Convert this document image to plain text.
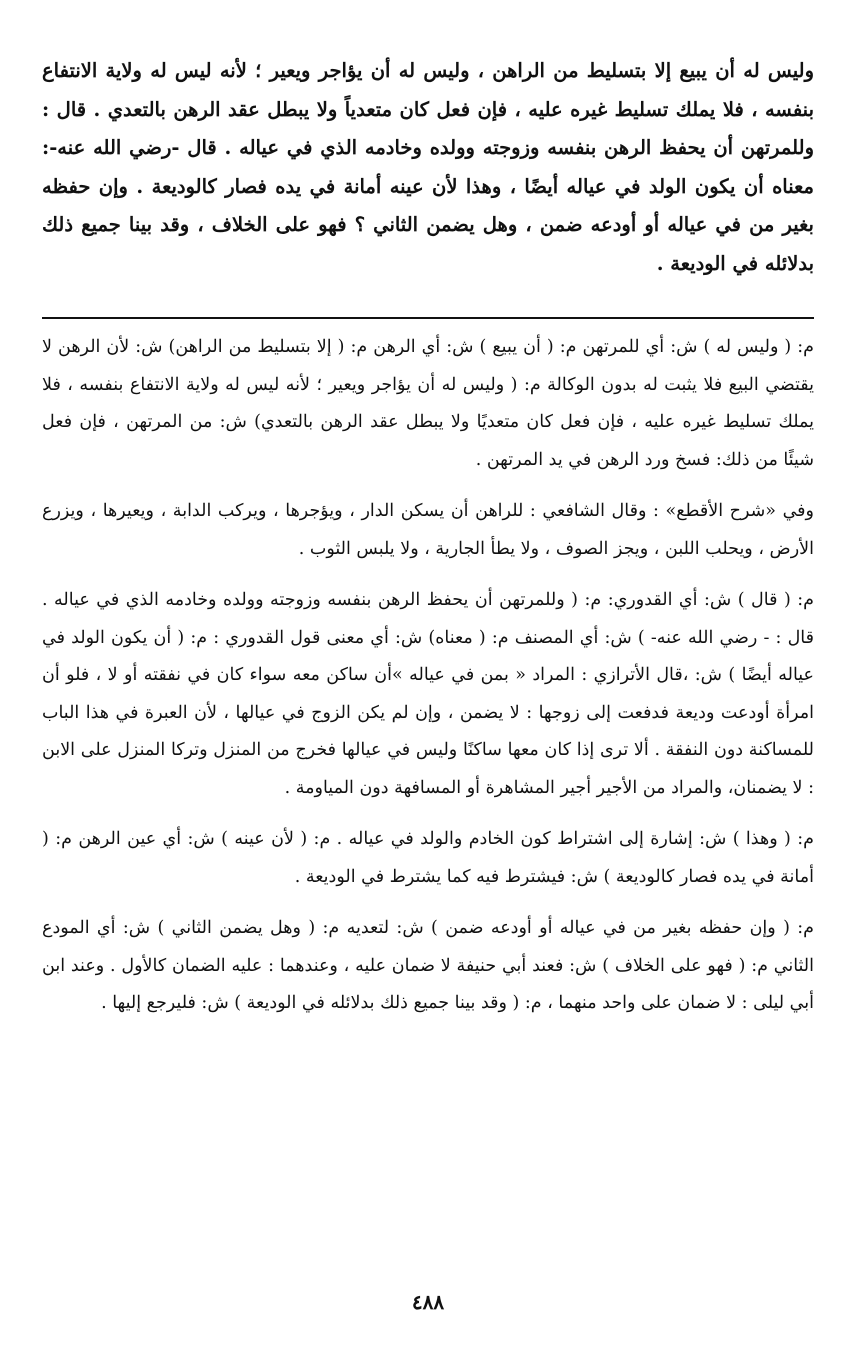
وليس له أن يبيع إلا بتسليط من الراهن ، وليس له أن يؤاجر ويعير ؛ لأنه ليس له ولاية الانتفاع بنفسه ، فلا يملك تسليط غيره عليه ، فإن فعل كان متعدياً ولا يبطل عقد الرهن بالتعدي . قال : وللمرتهن أن يحفظ الرهن بنفسه وزوجته وولده وخادمه الذي في عياله . قال -رضي الله عنه-: معناه أن يكون الولد في عياله أيضًا ، وهذا لأن عينه أمانة في يده فصار كالوديعة . وإن حفظه بغير من في عياله أو أودعه ضمن ، وهل يضمن الثاني ؟ فهو على الخلاف ، وقد بينا جميع ذلك بدلائله في الوديعة .

م: ( وليس له ) ش: أي للمرتهن م: ( أن يبيع ) ش: أي الرهن م: ( إلا بتسليط من الراهن) ش: لأن الرهن لا يقتضي البيع فلا يثبت له بدون الوكالة م: ( وليس له أن يؤاجر ويعير ؛ لأنه ليس له ولاية الانتفاع بنفسه ، فلا يملك تسليط غيره عليه ، فإن فعل كان متعديًا ولا يبطل عقد الرهن بالتعدي) ش: من المرتهن ، فإن فعل شيئًا من ذلك: فسخ ورد الرهن في يد المرتهن .

وفي «شرح الأقطع» : وقال الشافعي : للراهن أن يسكن الدار ، ويؤجرها ، ويركب الدابة ، ويعيرها ، ويزرع الأرض ، ويحلب اللبن ، ويجز الصوف ، ولا يطأ الجارية ، ولا يلبس الثوب .

م: ( قال ) ش: أي القدوري: م: ( وللمرتهن أن يحفظ الرهن بنفسه وزوجته وولده وخادمه الذي في عياله . قال : - رضي الله عنه- ) ش: أي المصنف م: ( معناه) ش: أي معنى قول القدوري : م: ( أن يكون الولد في عياله أيضًا ) ش: ،قال الأترازي : المراد « بمن في عياله »أن ساكن معه سواء كان في نفقته أو لا ، فلو أن امرأة أودعت وديعة فدفعت إلى زوجها : لا يضمن ، وإن لم يكن الزوج في عيالها ، لأن العبرة في هذا الباب للمساكنة دون النفقة . ألا ترى إذا كان معها ساكنًا وليس في عيالها فخرج من المنزل وتركا المنزل على الابن : لا يضمنان، والمراد من الأجير أجير المشاهرة أو المسافهة دون المياومة .

م: ( وهذا ) ش: إشارة إلى اشتراط كون الخادم والولد في عياله . م: ( لأن عينه ) ش: أي عين الرهن م: ( أمانة في يده فصار كالوديعة ) ش: فيشترط فيه كما يشترط في الوديعة .

م: ( وإن حفظه بغير من في عياله أو أودعه ضمن ) ش: لتعديه م: ( وهل يضمن الثاني ) ش: أي المودع الثاني م: ( فهو على الخلاف ) ش: فعند أبي حنيفة لا ضمان عليه ، وعندهما : عليه الضمان كالأول . وعند ابن أبي ليلى : لا ضمان على واحد منهما ، م: ( وقد بينا جميع ذلك بدلائله في الوديعة ) ش: فليرجع إليها .

٤٨٨
